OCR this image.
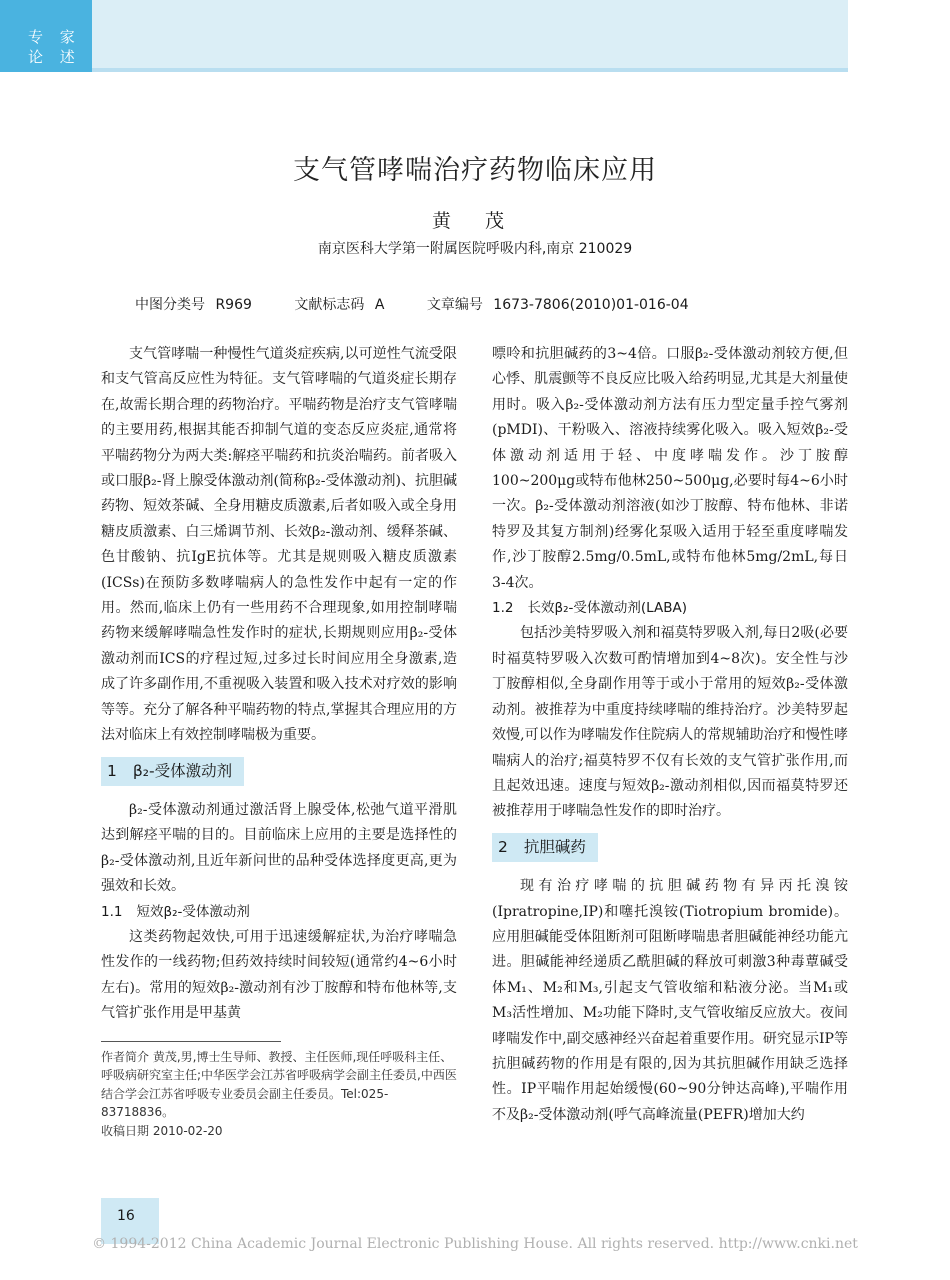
专 家
论 述
支气管哮喘治疗药物临床应用
黄 茂
南京医科大学第一附属医院呼吸内科,南京 210029
中图分类号 R969	文献标志码 A	文章编号 1673-7806(2010)01-016-04

支气管哮喘一种慢性气道炎症疾病,以可逆性气流受限和支气管高反应性为特征。支气管哮喘的气道炎症长期存在,故需长期合理的药物治疗。平喘药物是治疗支气管哮喘的主要用药,根据其能否抑制气道的变态反应炎症,通常将平喘药物分为两大类:解痉平喘药和抗炎治喘药。前者吸入或口服β₂-肾上腺受体激动剂(简称β₂-受体激动剂)、抗胆碱药物、短效茶碱、全身用糖皮质激素,后者如吸入或全身用糖皮质激素、白三烯调节剂、长效β₂-激动剂、缓释茶碱、色甘酸钠、抗IgE抗体等。尤其是规则吸入糖皮质激素(ICSs)在预防多数哮喘病人的急性发作中起有一定的作用。然而,临床上仍有一些用药不合理现象,如用控制哮喘药物来缓解哮喘急性发作时的症状,长期规则应用β₂-受体激动剂而ICS的疗程过短,过多过长时间应用全身激素,造成了许多副作用,不重视吸入装置和吸入技术对疗效的影响等等。充分了解各种平喘药物的特点,掌握其合理应用的方法对临床上有效控制哮喘极为重要。

1 β₂-受体激动剂

β₂-受体激动剂通过激活肾上腺受体,松弛气道平滑肌达到解痉平喘的目的。目前临床上应用的主要是选择性的β₂-受体激动剂,且近年新问世的品种受体选择度更高,更为强效和长效。

1.1 短效β₂-受体激动剂

这类药物起效快,可用于迅速缓解症状,为治疗哮喘急性发作的一线药物;但药效持续时间较短(通常约4~6小时左右)。常用的短效β₂-激动剂有沙丁胺醇和特布他林等,支气管扩张作用是甲基黄

作者简介 黄茂,男,博士生导师、教授、主任医师,现任呼吸科主任、呼吸病研究室主任;中华医学会江苏省呼吸病学会副主任委员,中西医结合学会江苏省呼吸专业委员会副主任委员。Tel:025-83718836。
收稿日期 2010-02-20

嘌呤和抗胆碱药的3~4倍。口服β₂-受体激动剂较方便,但心悸、肌震颤等不良反应比吸入给药明显,尤其是大剂量使用时。吸入β₂-受体激动剂方法有压力型定量手控气雾剂(pMDI)、干粉吸入、溶液持续雾化吸入。吸入短效β₂-受体激动剂适用于轻、中度哮喘发作。沙丁胺醇100~200μg或特布他林250~500μg,必要时每4~6小时一次。β₂-受体激动剂溶液(如沙丁胺醇、特布他林、非诺特罗及其复方制剂)经雾化泵吸入适用于轻至重度哮喘发作,沙丁胺醇2.5mg/0.5mL,或特布他林5mg/2mL,每日3-4次。

1.2 长效β₂-受体激动剂(LABA)

包括沙美特罗吸入剂和福莫特罗吸入剂,每日2吸(必要时福莫特罗吸入次数可酌情增加到4~8次)。安全性与沙丁胺醇相似,全身副作用等于或小于常用的短效β₂-受体激动剂。被推荐为中重度持续哮喘的维持治疗。沙美特罗起效慢,可以作为哮喘发作住院病人的常规辅助治疗和慢性哮喘病人的治疗;福莫特罗不仅有长效的支气管扩张作用,而且起效迅速。速度与短效β₂-激动剂相似,因而福莫特罗还被推荐用于哮喘急性发作的即时治疗。

2 抗胆碱药

现有治疗哮喘的抗胆碱药物有异丙托溴铵(Ipratropine,IP)和噻托溴铵(Tiotropium bromide)。应用胆碱能受体阻断剂可阻断哮喘患者胆碱能神经功能亢进。胆碱能神经递质乙酰胆碱的释放可刺激3种毒蕈碱受体M₁、M₂和M₃,引起支气管收缩和粘液分泌。当M₁或M₃活性增加、M₂功能下降时,支气管收缩反应放大。夜间哮喘发作中,副交感神经兴奋起着重要作用。研究显示IP等抗胆碱药物的作用是有限的,因为其抗胆碱作用缺乏选择性。IP平喘作用起始缓慢(60~90分钟达高峰),平喘作用不及β₂-受体激动剂(呼气高峰流量(PEFR)增加大约

16
© 1994-2012 China Academic Journal Electronic Publishing House. All rights reserved. http://www.cnki.net
